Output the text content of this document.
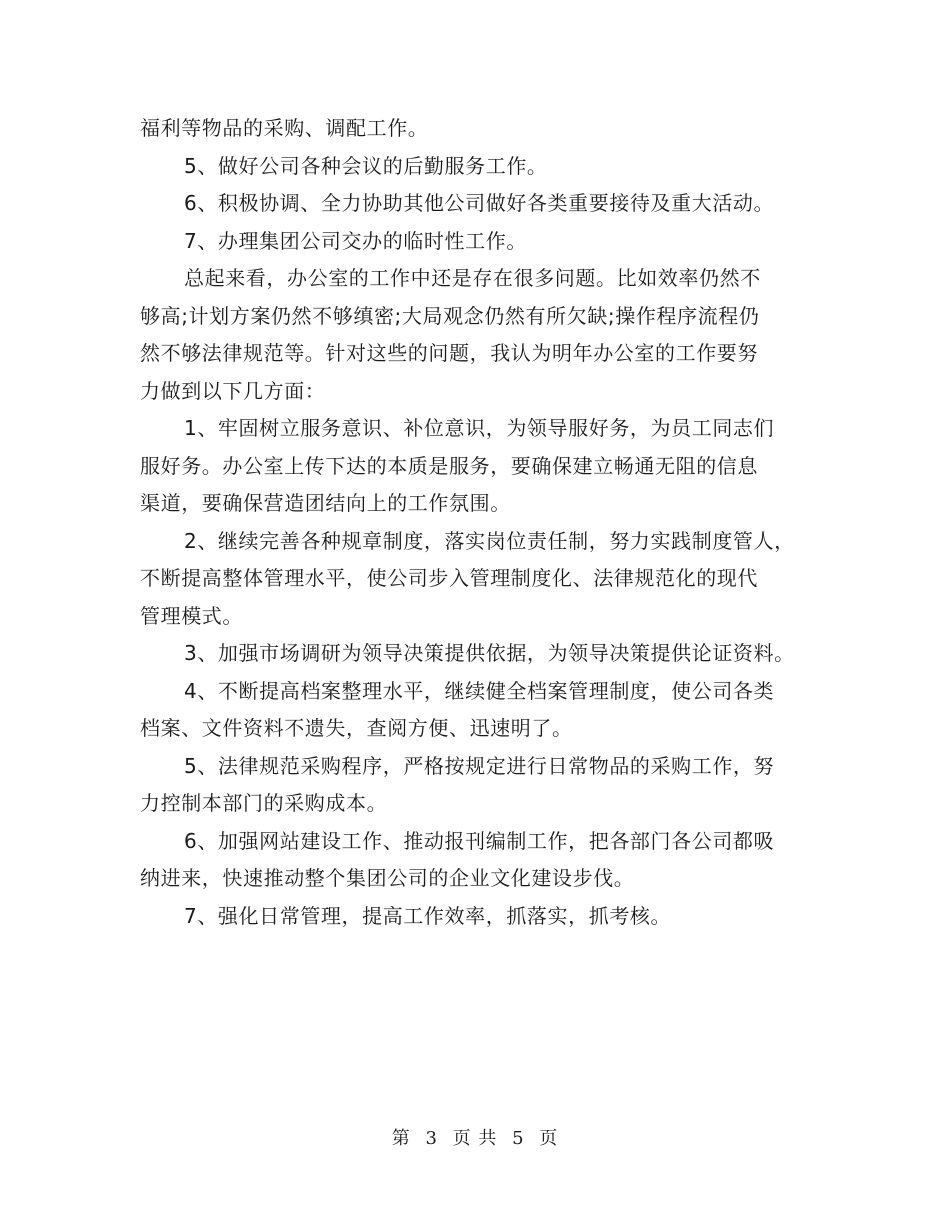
福利等物品的采购、调配工作。
5、做好公司各种会议的后勤服务工作。
6、积极协调、全力协助其他公司做好各类重要接待及重大活动。
7、办理集团公司交办的临时性工作。
总起来看，办公室的工作中还是存在很多问题。比如效率仍然不
够高;计划方案仍然不够缜密;大局观念仍然有所欠缺;操作程序流程仍
然不够法律规范等。针对这些的问题，我认为明年办公室的工作要努
力做到以下几方面：
1、牢固树立服务意识、补位意识，为领导服好务，为员工同志们
服好务。办公室上传下达的本质是服务，要确保建立畅通无阻的信息
渠道，要确保营造团结向上的工作氛围。
2、继续完善各种规章制度，落实岗位责任制，努力实践制度管人，
不断提高整体管理水平，使公司步入管理制度化、法律规范化的现代
管理模式。
3、加强市场调研为领导决策提供依据，为领导决策提供论证资料。
4、不断提高档案整理水平，继续健全档案管理制度，使公司各类
档案、文件资料不遗失，查阅方便、迅速明了。
5、法律规范采购程序，严格按规定进行日常物品的采购工作，努
力控制本部门的采购成本。
6、加强网站建设工作、推动报刊编制工作，把各部门各公司都吸
纳进来，快速推动整个集团公司的企业文化建设步伐。
7、强化日常管理，提高工作效率，抓落实，抓考核。
第 3 页 共 5 页
